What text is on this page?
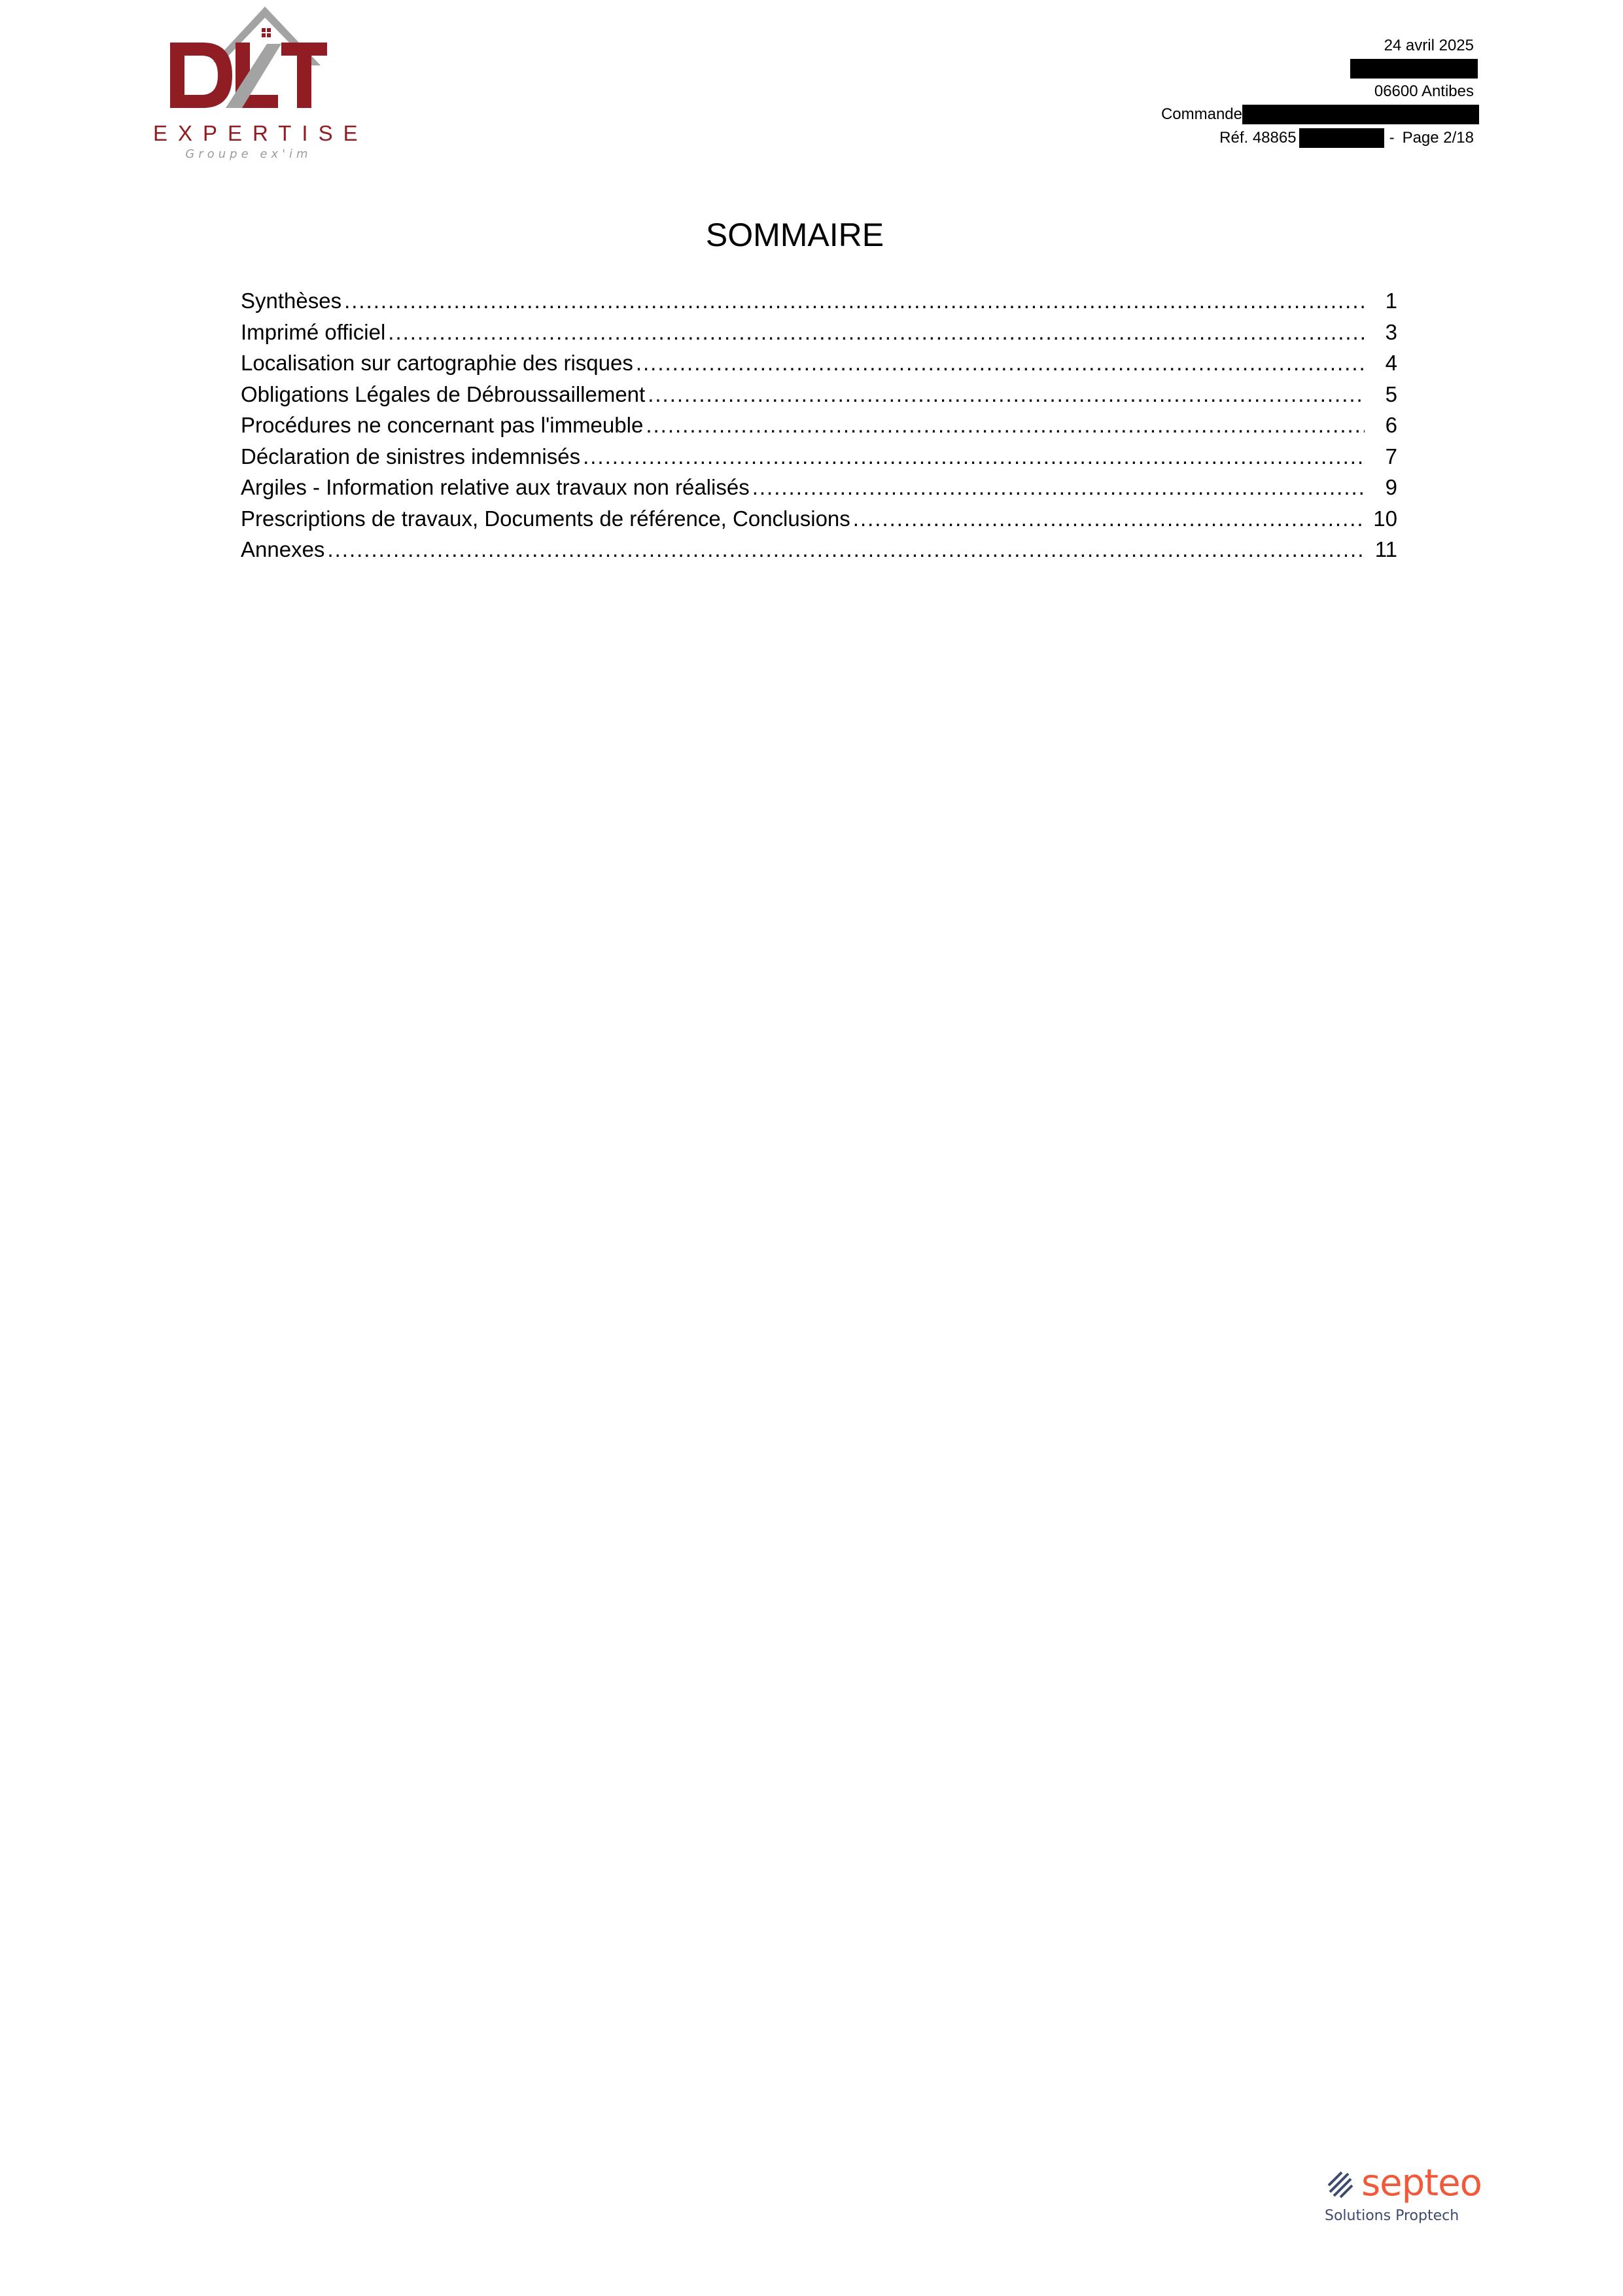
EXPERTISE
Groupe ex'im
24 avril 2025
06600 Antibes
Commande
Réf. 48865	- Page 2/18
SOMMAIRE
Synthèses .....	1
Imprimé officiel .....	3
Localisation sur cartographie des risques .....	4
Obligations Légales de Débroussaillement .....	5
Procédures ne concernant pas l'immeuble .....	6
Déclaration de sinistres indemnisés .....	7
Argiles - Information relative aux travaux non réalisés .....	9
Prescriptions de travaux, Documents de référence, Conclusions .....	10
Annexes .....	11
septeo
Solutions Proptech
